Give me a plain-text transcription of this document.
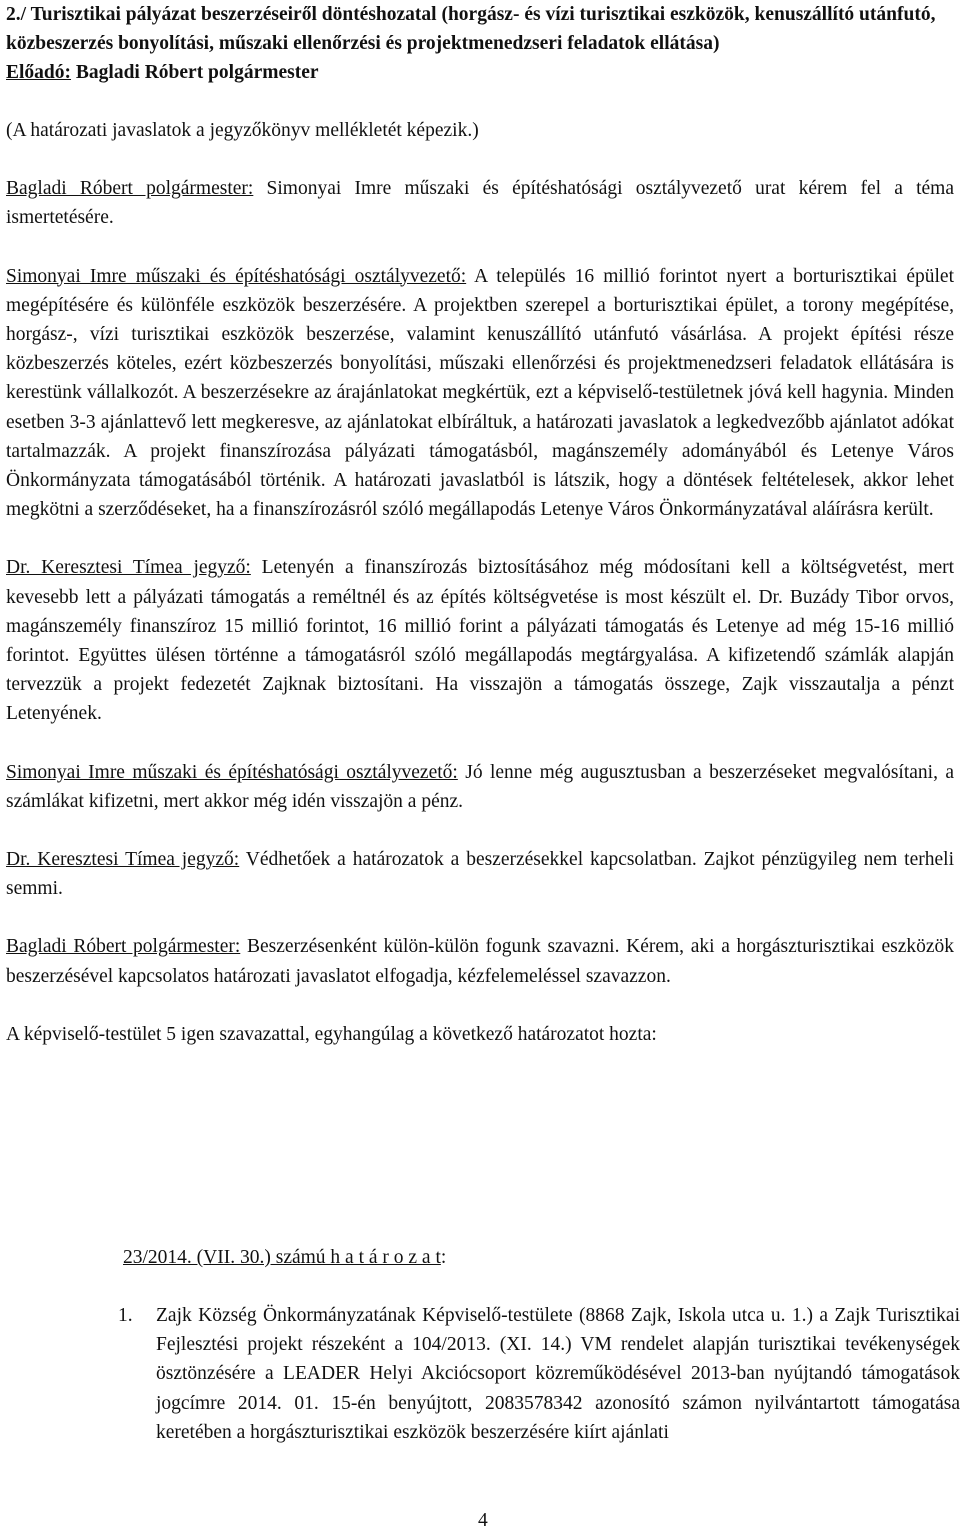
2./ Turisztikai pályázat beszerzéseiről döntéshozatal (horgász- és vízi turisztikai eszközök, kenuszállító utánfutó, közbeszerzés bonyolítási, műszaki ellenőrzési és projektmenedzseri feladatok ellátása)

Előadó: Bagladi Róbert polgármester

(A határozati javaslatok a jegyzőkönyv mellékletét képezik.)

Bagladi Róbert polgármester: Simonyai Imre műszaki és építéshatósági osztályvezető urat kérem fel a téma ismertetésére.

Simonyai Imre műszaki és építéshatósági osztályvezető: A település 16 millió forintot nyert a borturisztikai épület megépítésére és különféle eszközök beszerzésére. A projektben szerepel a borturisztikai épület, a torony megépítése, horgász-, vízi turisztikai eszközök beszerzése, valamint kenuszállító utánfutó vásárlása. A projekt építési része közbeszerzés köteles, ezért közbeszerzés bonyolítási, műszaki ellenőrzési és projektmenedzseri feladatok ellátására is kerestünk vállalkozót. A beszerzésekre az árajánlatokat megkértük, ezt a képviselő-testületnek jóvá kell hagynia. Minden esetben 3-3 ajánlattevő lett megkeresve, az ajánlatokat elbíráltuk, a határozati javaslatok a legkedvezőbb ajánlatot adókat tartalmazzák. A projekt finanszírozása pályázati támogatásból, magánszemély adományából és Letenye Város Önkormányzata támogatásából történik. A határozati javaslatból is látszik, hogy a döntések feltételesek, akkor lehet megkötni a szerződéseket, ha a finanszírozásról szóló megállapodás Letenye Város Önkormányzatával aláírásra került.

Dr. Keresztesi Tímea jegyző: Letenyén a finanszírozás biztosításához még módosítani kell a költségvetést, mert kevesebb lett a pályázati támogatás a reméltnél és az építés költségvetése is most készült el. Dr. Buzády Tibor orvos, magánszemély finanszíroz 15 millió forintot, 16 millió forint a pályázati támogatás és Letenye ad még 15-16 millió forintot. Együttes ülésen történne a támogatásról szóló megállapodás megtárgyalása. A kifizetendő számlák alapján tervezzük a projekt fedezetét Zajknak biztosítani. Ha visszajön a támogatás összege, Zajk visszautalja a pénzt Letenyének.

Simonyai Imre műszaki és építéshatósági osztályvezető: Jó lenne még augusztusban a beszerzéseket megvalósítani, a számlákat kifizetni, mert akkor még idén visszajön a pénz.

Dr. Keresztesi Tímea jegyző: Védhetőek a határozatok a beszerzésekkel kapcsolatban. Zajkot pénzügyileg nem terheli semmi.

Bagladi Róbert polgármester: Beszerzésenként külön-külön fogunk szavazni. Kérem, aki a horgászturisztikai eszközök beszerzésével kapcsolatos határozati javaslatot elfogadja, kézfelemeléssel szavazzon.

A képviselő-testület 5 igen szavazattal, egyhangúlag a következő határozatot hozta:

23/2014. (VII. 30.) számú h a t á r o z a t:

1. Zajk Község Önkormányzatának Képviselő-testülete (8868 Zajk, Iskola utca u. 1.) a Zajk Turisztikai Fejlesztési projekt részeként a 104/2013. (XI. 14.) VM rendelet alapján turisztikai tevékenységek ösztönzésére a LEADER Helyi Akciócsoport közreműködésével 2013-ban nyújtandó támogatások jogcímre 2014. 01. 15-én benyújtott, 2083578342 azonosító számon nyilvántartott támogatása keretében a horgászturisztikai eszközök beszerzésére kiírt ajánlati
4
